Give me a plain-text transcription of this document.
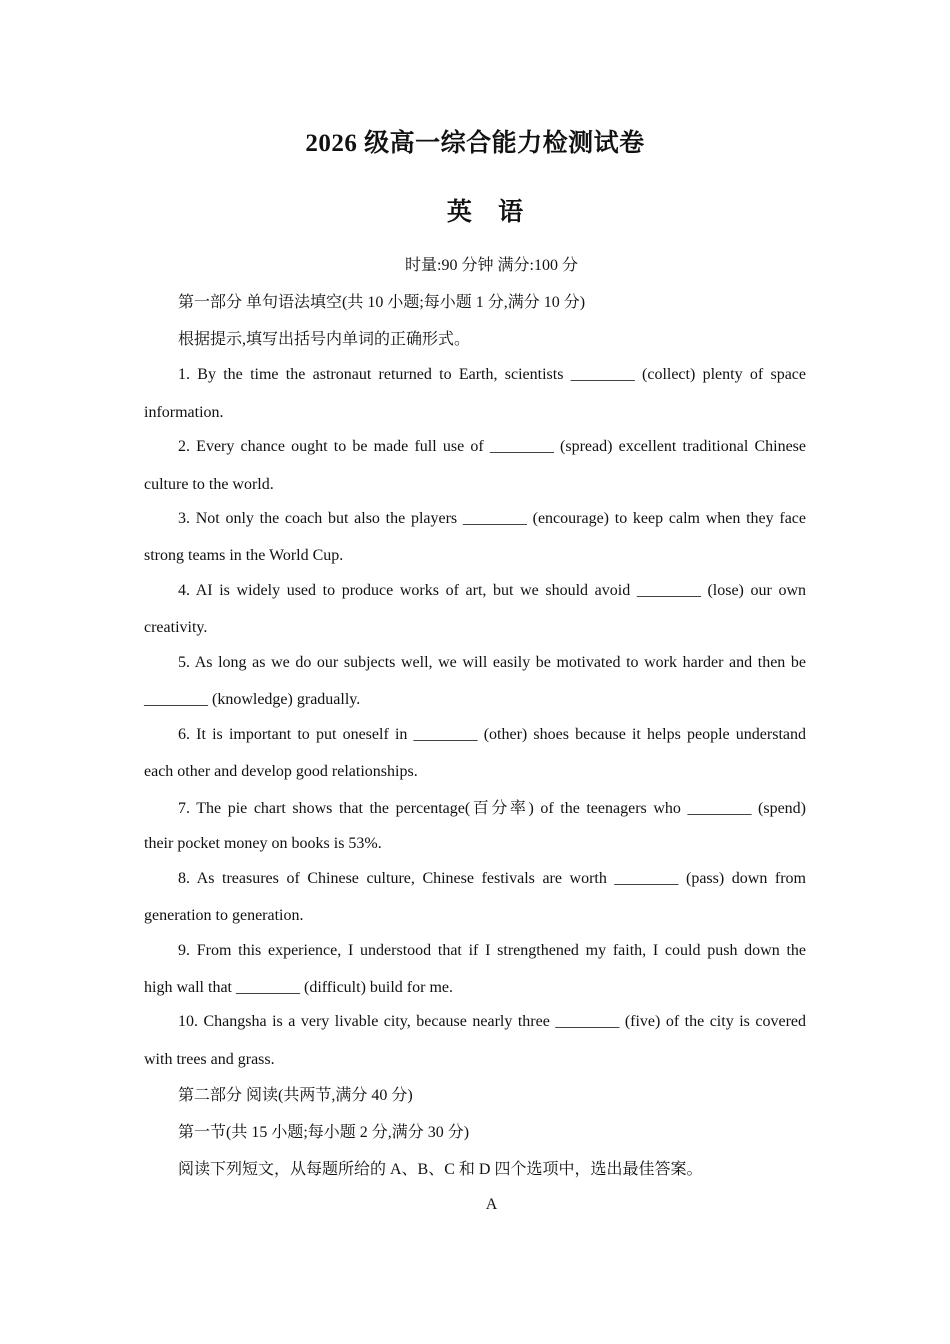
2026 级高一综合能力检测试卷
英 语
时量:90 分钟 满分:100 分
第一部分 单句语法填空(共 10 小题;每小题 1 分,满分 10 分)
根据提示,填写出括号内单词的正确形式。
1. By the time the astronaut returned to Earth, scientists ________ (collect) plenty of space
information.
2. Every chance ought to be made full use of ________ (spread) excellent traditional Chinese
culture to the world.
3. Not only the coach but also the players ________ (encourage) to keep calm when they face
strong teams in the World Cup.
4. AI is widely used to produce works of art, but we should avoid ________ (lose) our own
creativity.
5. As long as we do our subjects well, we will easily be motivated to work harder and then be
________ (knowledge) gradually.
6. It is important to put oneself in ________ (other) shoes because it helps people understand
each other and develop good relationships.
7. The pie chart shows that the percentage(百分率) of the teenagers who ________ (spend)
their pocket money on books is 53%.
8. As treasures of Chinese culture, Chinese festivals are worth ________ (pass) down from
generation to generation.
9. From this experience, I understood that if I strengthened my faith, I could push down the
high wall that ________ (difficult) build for me.
10. Changsha is a very livable city, because nearly three ________ (five) of the city is covered
with trees and grass.
第二部分 阅读(共两节,满分 40 分)
第一节(共 15 小题;每小题 2 分,满分 30 分)
阅读下列短文，从每题所给的 A、B、C 和 D 四个选项中，选出最佳答案。
A
